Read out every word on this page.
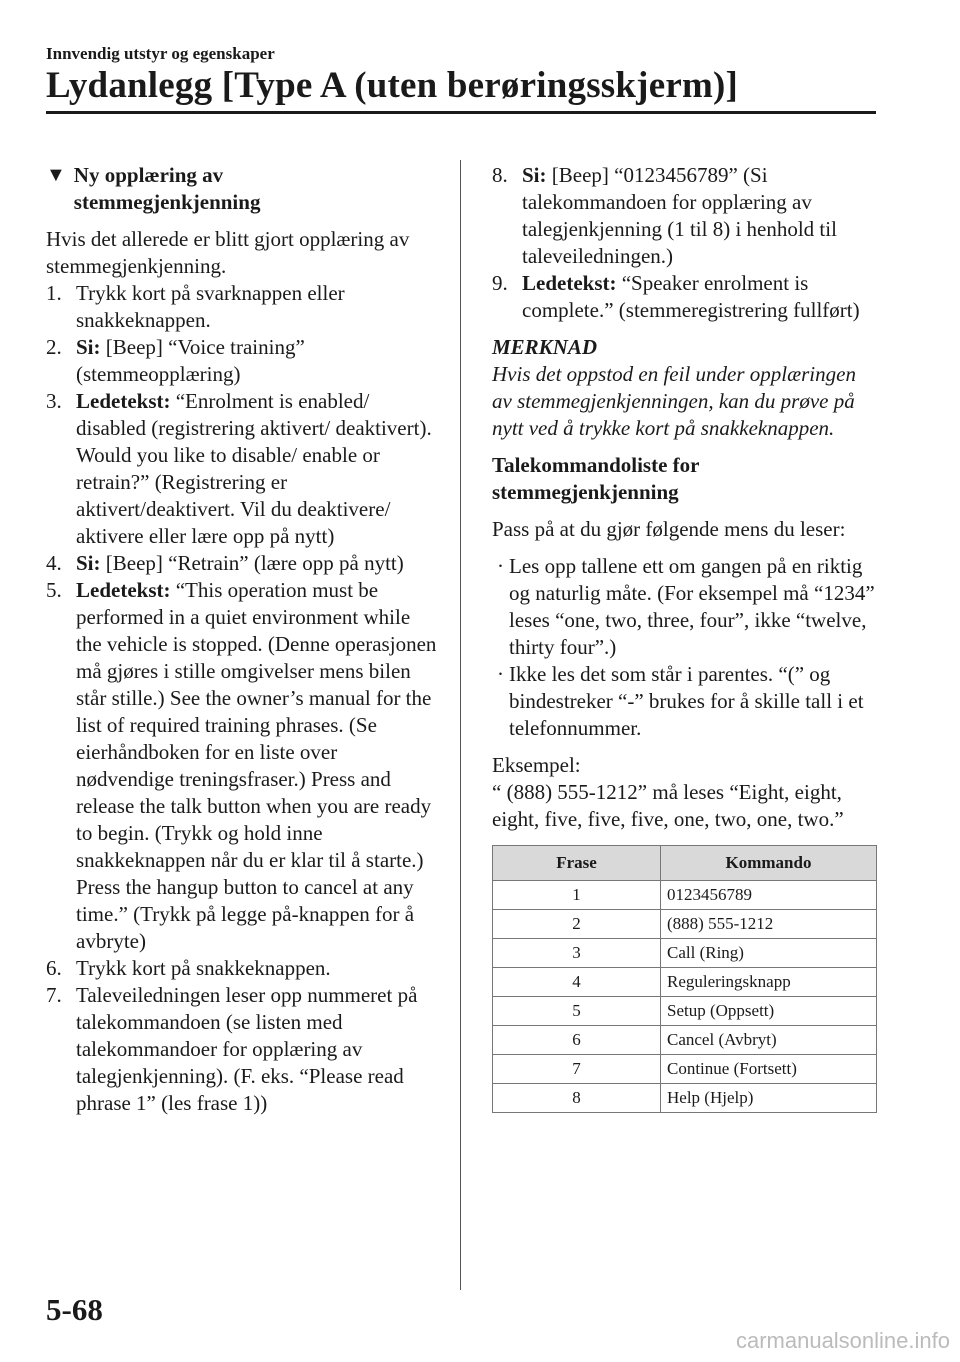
Innvendig utstyr og egenskaper
Lydanlegg [Type A (uten berøringsskjerm)]
▼ Ny opplæring av
stemmegjenkjenning

Hvis det allerede er blitt gjort opplæring av stemmegjenkjenning.

1. Trykk kort på svarknappen eller snakkeknappen.
2. Si: [Beep] “Voice training” (stemmeopplæring)
3. Ledetekst: “Enrolment is enabled/ disabled (registrering aktivert/ deaktivert). Would you like to disable/ enable or retrain?” (Registrering er aktivert/deaktivert. Vil du deaktivere/ aktivere eller lære opp på nytt)
4. Si: [Beep] “Retrain” (lære opp på nytt)
5. Ledetekst: “This operation must be performed in a quiet environment while the vehicle is stopped. (Denne operasjonen må gjøres i stille omgivelser mens bilen står stille.) See the owner’s manual for the list of required training phrases. (Se eierhåndboken for en liste over nødvendige treningsfraser.) Press and release the talk button when you are ready to begin. (Trykk og hold inne snakkeknappen når du er klar til å starte.) Press the hangup button to cancel at any time.” (Trykk på legge på-knappen for å avbryte)
6. Trykk kort på snakkeknappen.
7. Taleveiledningen leser opp nummeret på talekommandoen (se listen med talekommandoer for opplæring av talegjenkjenning). (F. eks. “Please read phrase 1” (les frase 1))
8. Si: [Beep] “0123456789” (Si talekommandoen for opplæring av talegjenkjenning (1 til 8) i henhold til taleveiledningen.)
9. Ledetekst: “Speaker enrolment is complete.” (stemmeregistrering fullført)
MERKNAD

Hvis det oppstod en feil under opplæringen av stemmegjenkjenningen, kan du prøve på nytt ved å trykke kort på snakkeknappen.

Talekommandoliste for stemmegjenkjenning

Pass på at du gjør følgende mens du leser:

· Les opp tallene ett om gangen på en riktig og naturlig måte. (For eksempel må “1234” leses “one, two, three, four”, ikke “twelve, thirty four”.)
· Ikke les det som står i parentes. “(” og bindestreker “-” brukes for å skille tall i et telefonnummer.
Eksempel:

“ (888) 555-1212” må leses “Eight, eight, eight, five, five, five, one, two, one, two.”

Frase	Kommando
1	0123456789
2	(888) 555-1212
3	Call (Ring)
4	Reguleringsknapp
5	Setup (Oppsett)
6	Cancel (Avbryt)
7	Continue (Fortsett)
8	Help (Hjelp)
5-68
carmanualsonline.info
